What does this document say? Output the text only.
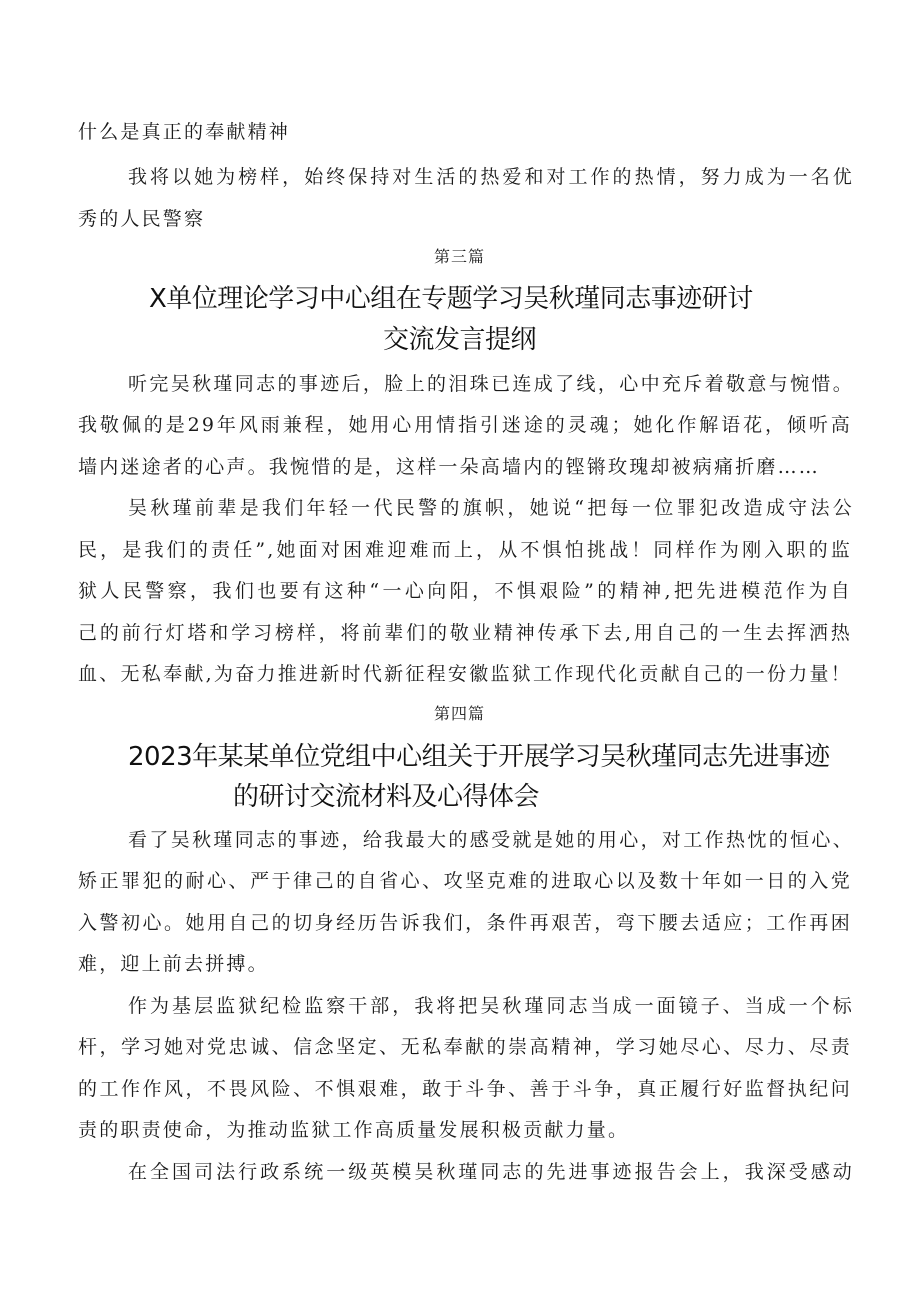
什么是真正的奉献精神
我将以她为榜样，始终保持对生活的热爱和对工作的热情，努力成为一名优
秀的人民警察
第三篇
X单位理论学习中心组在专题学习吴秋瑾同志事迹研讨
交流发言提纲
听完吴秋瑾同志的事迹后，脸上的泪珠已连成了线，心中充斥着敬意与惋惜。
我敬佩的是29年风雨兼程，她用心用情指引迷途的灵魂；她化作解语花，倾听高
墙内迷途者的心声。我惋惜的是，这样一朵高墙内的铿锵玫瑰却被病痛折磨……
吴秋瑾前辈是我们年轻一代民警的旗帜，她说“把每一位罪犯改造成守法公
民，是我们的责任”,她面对困难迎难而上，从不惧怕挑战！同样作为刚入职的监
狱人民警察，我们也要有这种“一心向阳，不惧艰险”的精神,把先进模范作为自
己的前行灯塔和学习榜样，将前辈们的敬业精神传承下去,用自己的一生去挥洒热
血、无私奉献,为奋力推进新时代新征程安徽监狱工作现代化贡献自己的一份力量！
第四篇
2023年某某单位党组中心组关于开展学习吴秋瑾同志先进事迹
的研讨交流材料及心得体会
看了吴秋瑾同志的事迹，给我最大的感受就是她的用心，对工作热忱的恒心、
矫正罪犯的耐心、严于律己的自省心、攻坚克难的进取心以及数十年如一日的入党
入警初心。她用自己的切身经历告诉我们，条件再艰苦，弯下腰去适应；工作再困
难，迎上前去拼搏。
作为基层监狱纪检监察干部，我将把吴秋瑾同志当成一面镜子、当成一个标
杆，学习她对党忠诚、信念坚定、无私奉献的崇高精神，学习她尽心、尽力、尽责
的工作作风，不畏风险、不惧艰难，敢于斗争、善于斗争，真正履行好监督执纪问
责的职责使命，为推动监狱工作高质量发展积极贡献力量。
在全国司法行政系统一级英模吴秋瑾同志的先进事迹报告会上，我深受感动
